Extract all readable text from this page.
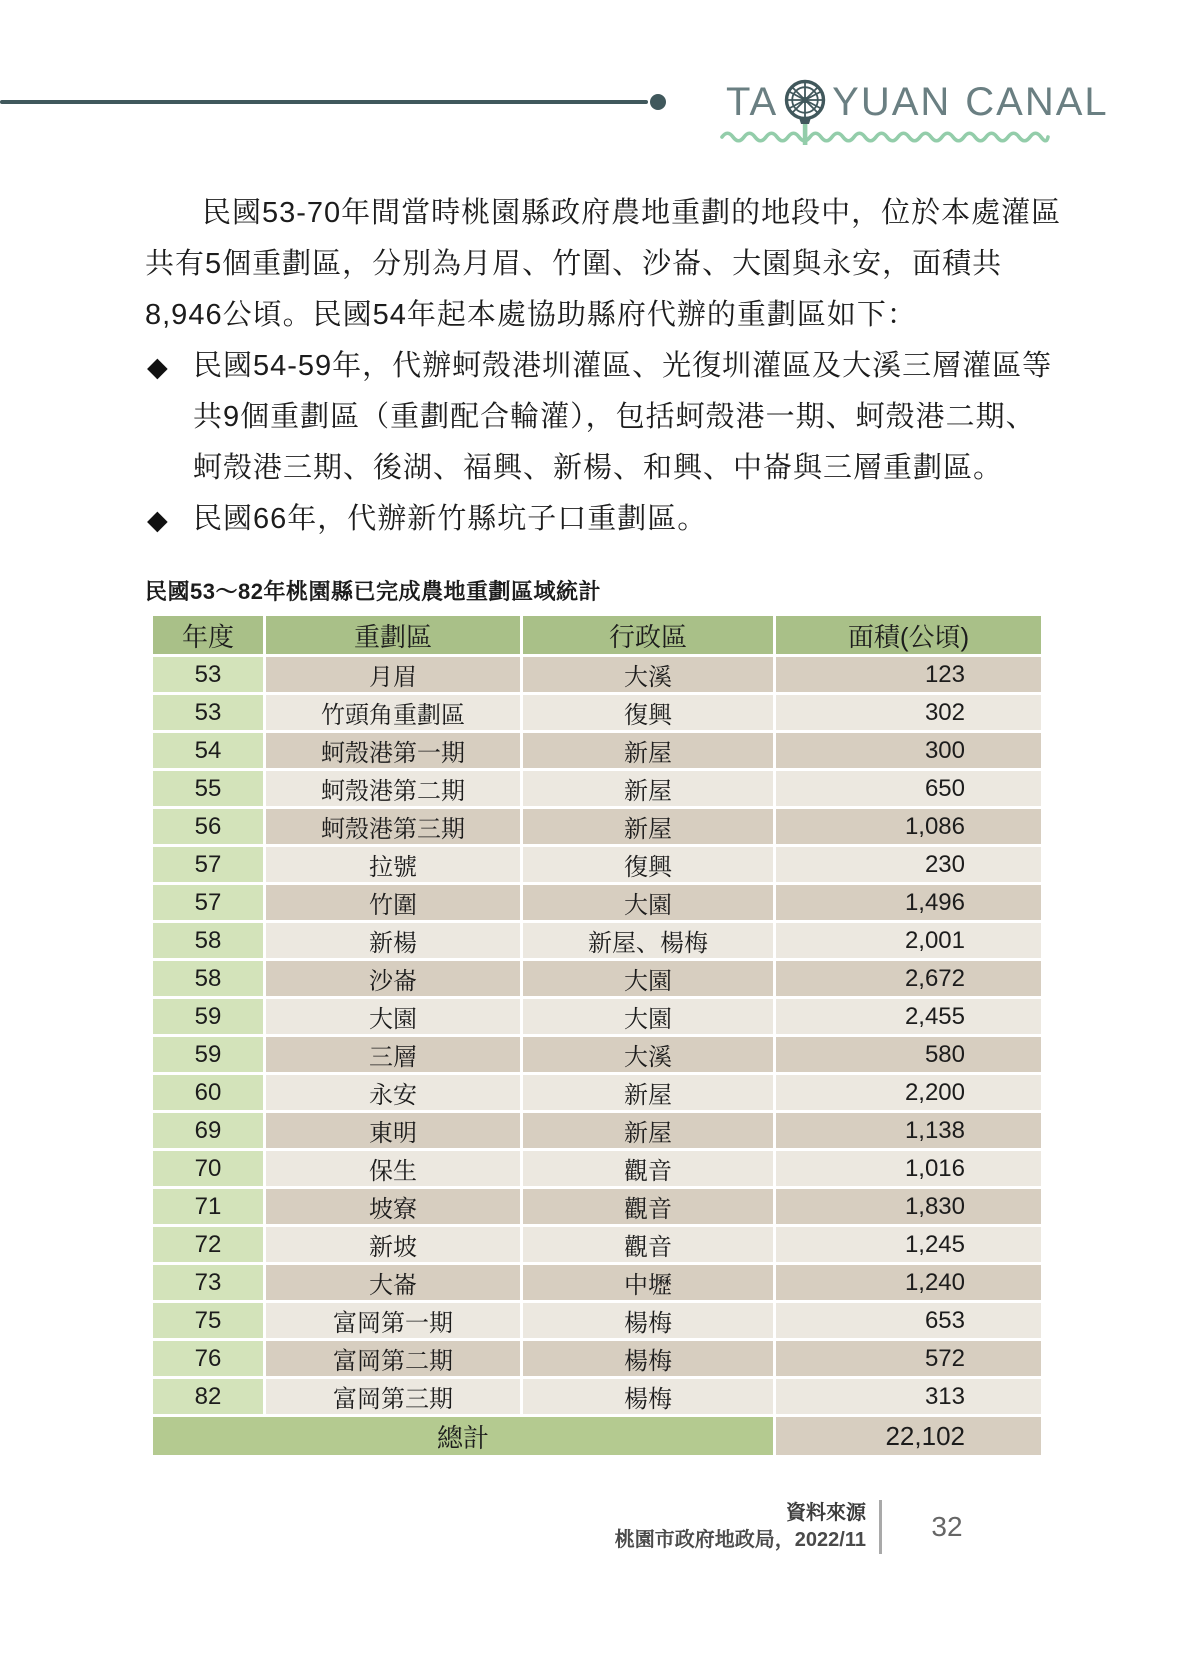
TA YUAN CANAL
民國53-70年間當時桃園縣政府農地重劃的地段中，位於本處灌區
共有5個重劃區，分別為月眉、竹圍、沙崙、大園與永安，面積共
8,946公頃。民國54年起本處協助縣府代辦的重劃區如下：
◆ 民國54-59年，代辦蚵殼港圳灌區、光復圳灌區及大溪三層灌區等
共9個重劃區（重劃配合輪灌），包括蚵殼港一期、蚵殼港二期、
蚵殼港三期、後湖、福興、新楊、和興、中崙與三層重劃區。
◆ 民國66年，代辦新竹縣坑子口重劃區。
民國53～82年桃園縣已完成農地重劃區域統計
年度	重劃區	行政區	面積(公頃)
53	月眉	大溪	123
53	竹頭角重劃區	復興	302
54	蚵殼港第一期	新屋	300
55	蚵殼港第二期	新屋	650
56	蚵殼港第三期	新屋	1,086
57	拉號	復興	230
57	竹圍	大園	1,496
58	新楊	新屋、楊梅	2,001
58	沙崙	大園	2,672
59	大園	大園	2,455
59	三層	大溪	580
60	永安	新屋	2,200
69	東明	新屋	1,138
70	保生	觀音	1,016
71	坡寮	觀音	1,830
72	新坡	觀音	1,245
73	大崙	中壢	1,240
75	富岡第一期	楊梅	653
76	富岡第二期	楊梅	572
82	富岡第三期	楊梅	313
總計			22,102
資料來源
桃園市政府地政局，2022/11 32
